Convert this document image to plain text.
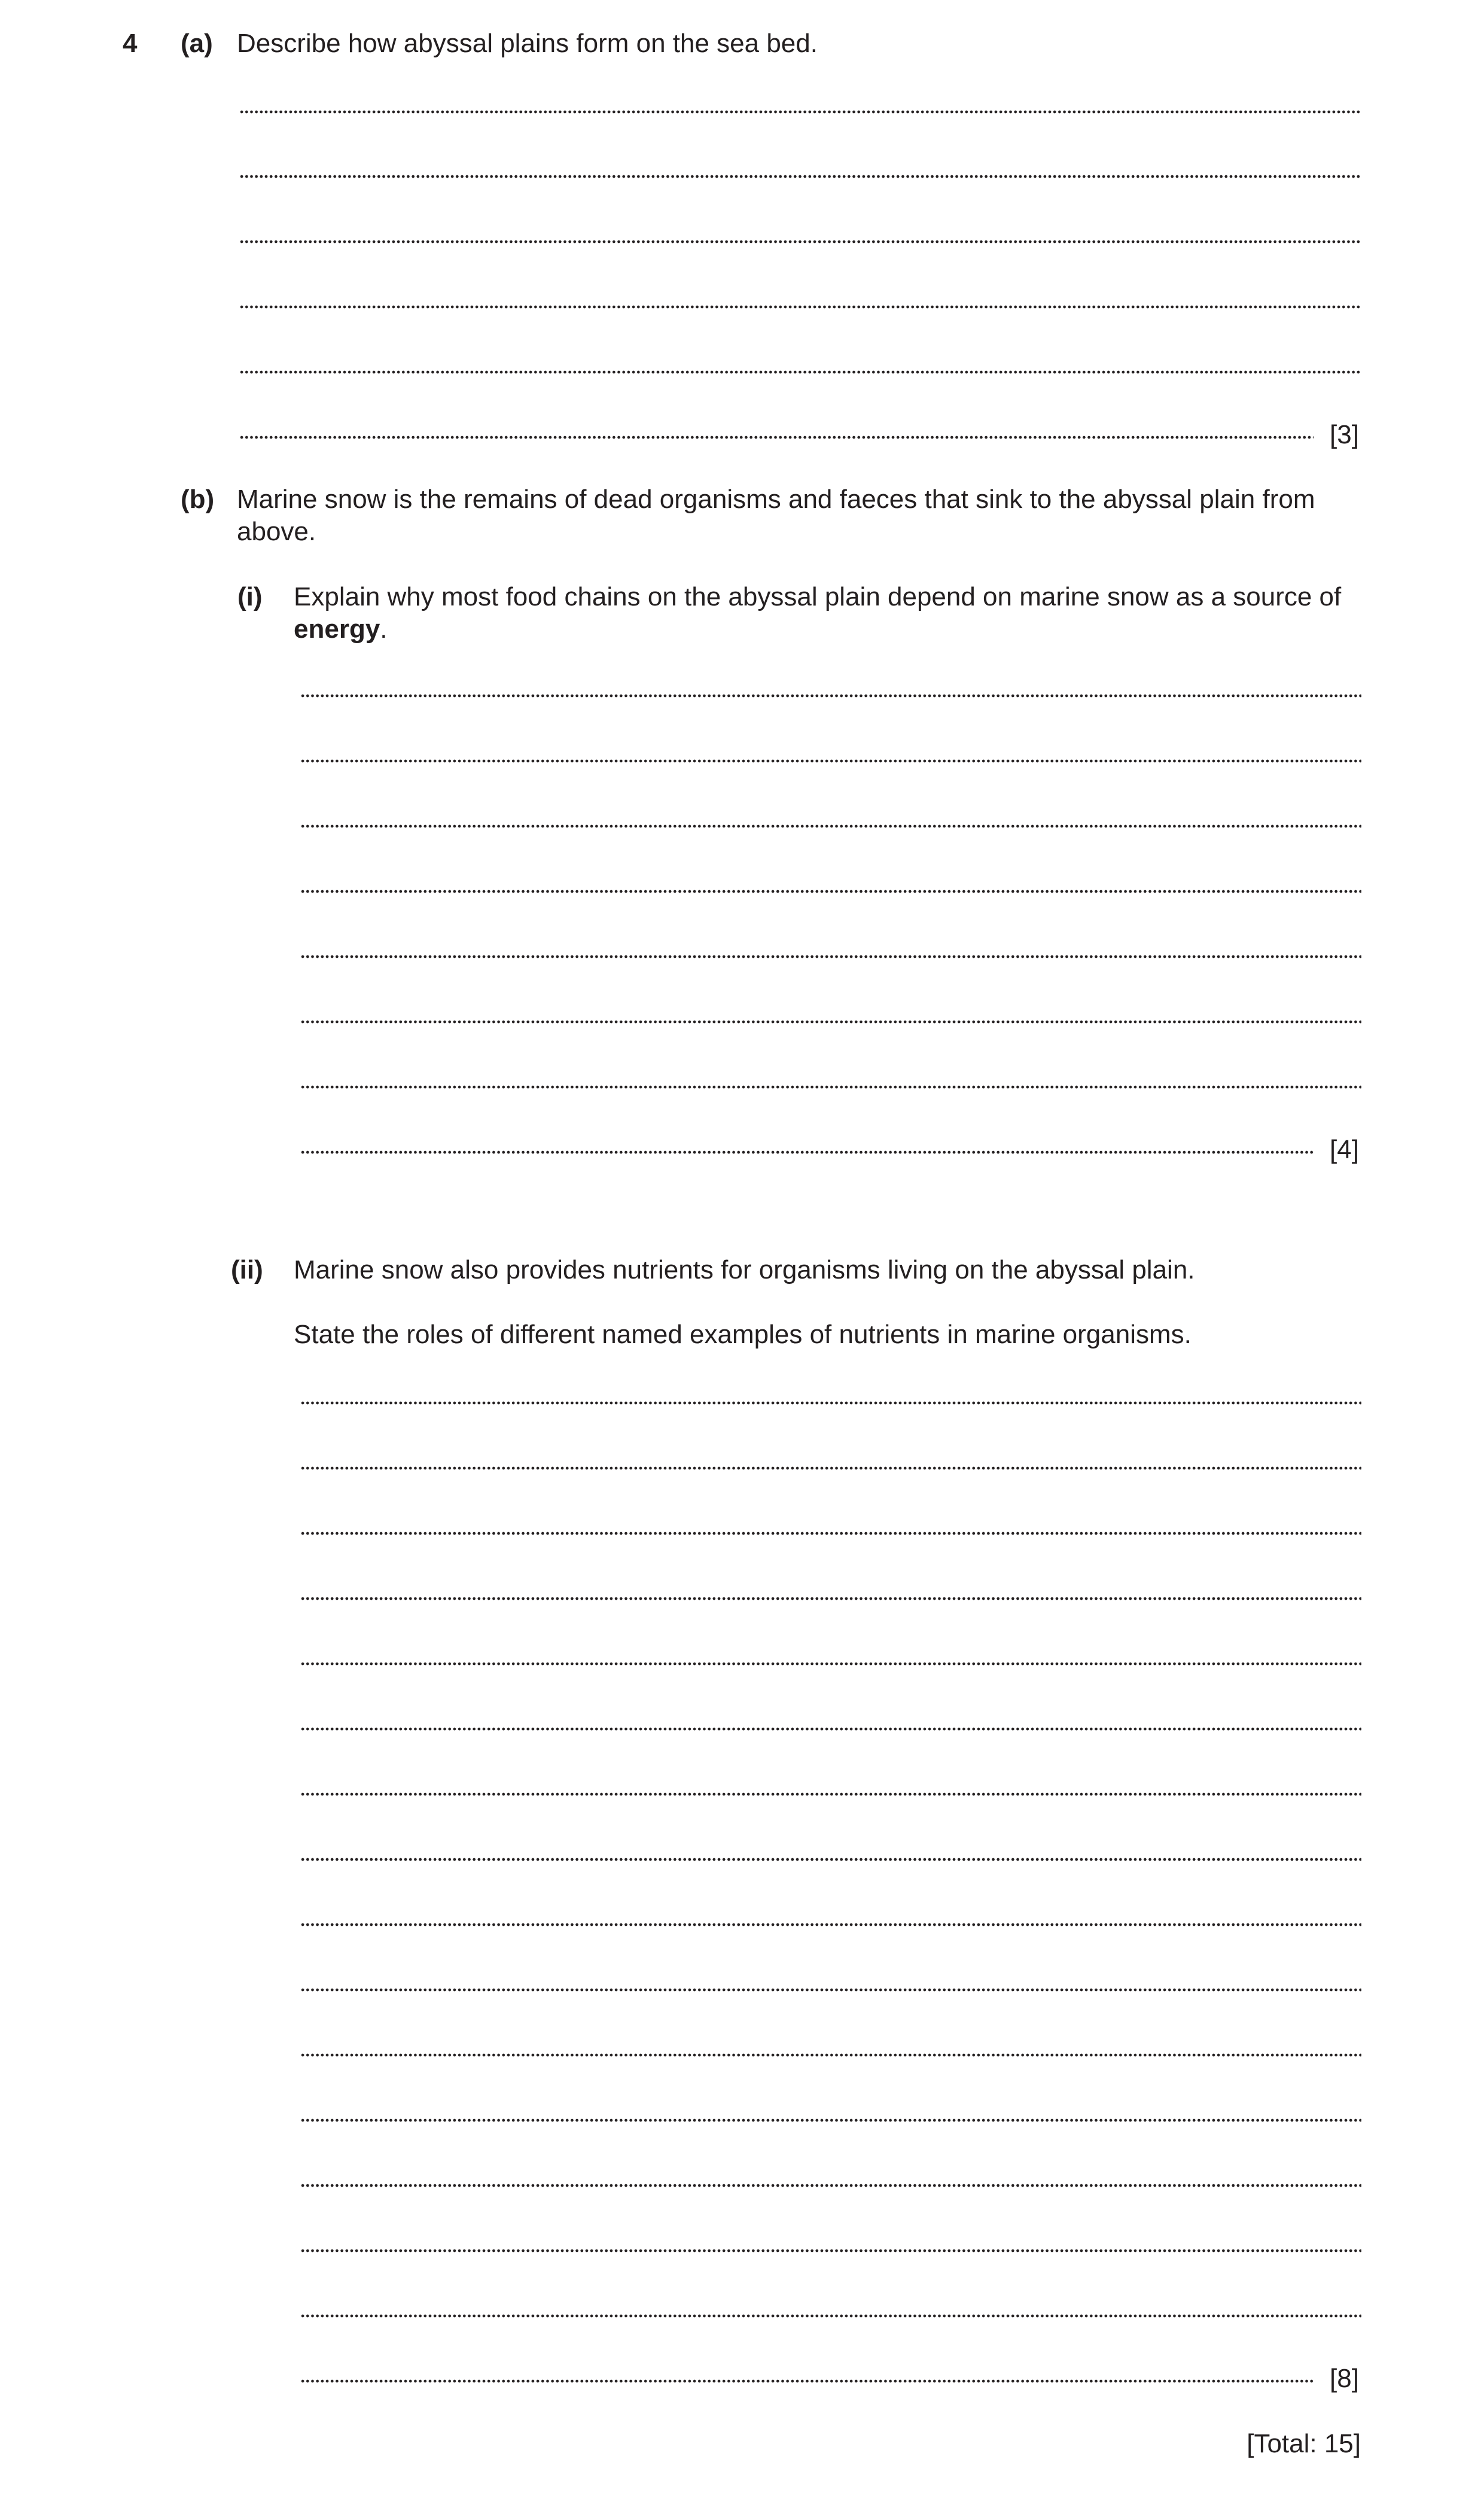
4 (a) Describe how abyssal plains form on the sea bed.
[3]
(b) Marine snow is the remains of dead organisms and faeces that sink to the abyssal plain from above.
(i) Explain why most food chains on the abyssal plain depend on marine snow as a source of energy.
[4]
(ii) Marine snow also provides nutrients for organisms living on the abyssal plain.
State the roles of different named examples of nutrients in marine organisms.
[8]
[Total: 15]
